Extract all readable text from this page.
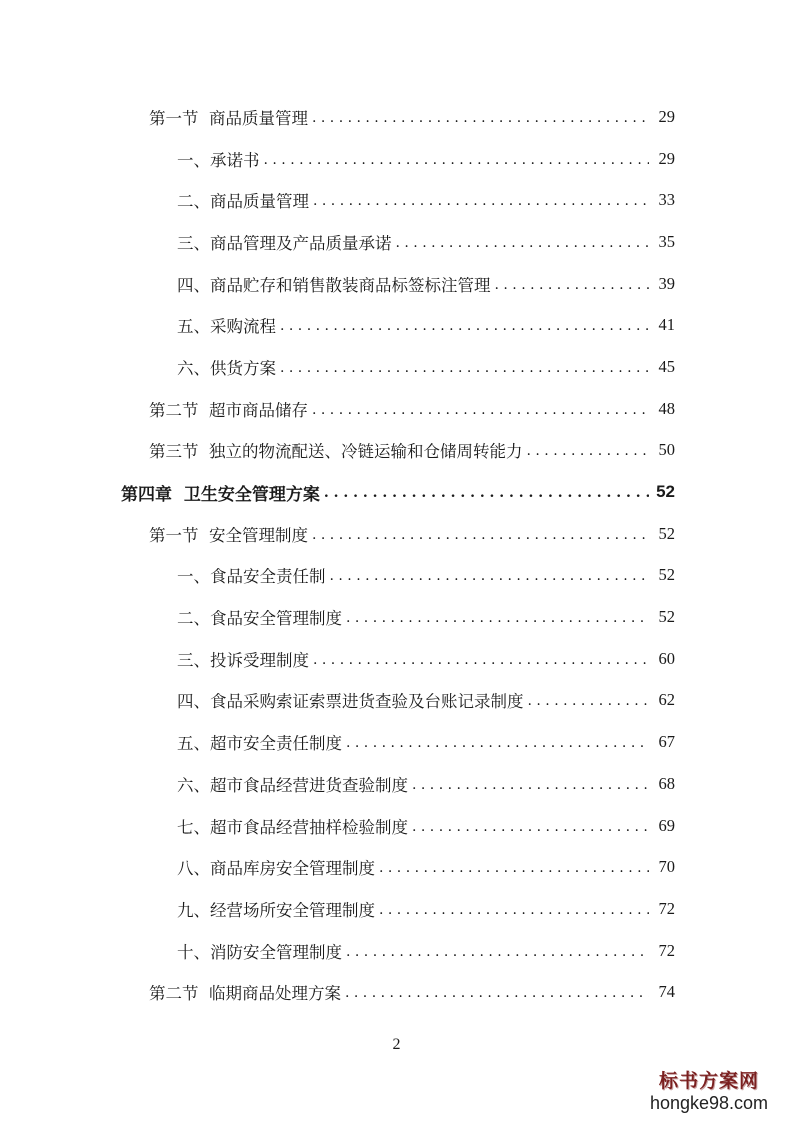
第一节  商品质量管理 . . .	29
一、承诺书 . . .	29
二、商品质量管理 . . .	33
三、商品管理及产品质量承诺 . . .	35
四、商品贮存和销售散装商品标签标注管理 . . .	39
五、采购流程 . . .	41
六、供货方案 . . .	45
第二节  超市商品储存 . . .	48
第三节  独立的物流配送、冷链运输和仓储周转能力 . . .	50
第四章  卫生安全管理方案 . . .	52
第一节  安全管理制度 . . .	52
一、食品安全责任制 . . .	52
二、食品安全管理制度 . . .	52
三、投诉受理制度 . . .	60
四、食品采购索证索票进货查验及台账记录制度 . . .	62
五、超市安全责任制度 . . .	67
六、超市食品经营进货查验制度 . . .	68
七、超市食品经营抽样检验制度 . . .	69
八、商品库房安全管理制度 . . .	70
九、经营场所安全管理制度 . . .	72
十、消防安全管理制度 . . .	72
第二节  临期商品处理方案 . . .	74
2
标书方案网
hongke98.com
